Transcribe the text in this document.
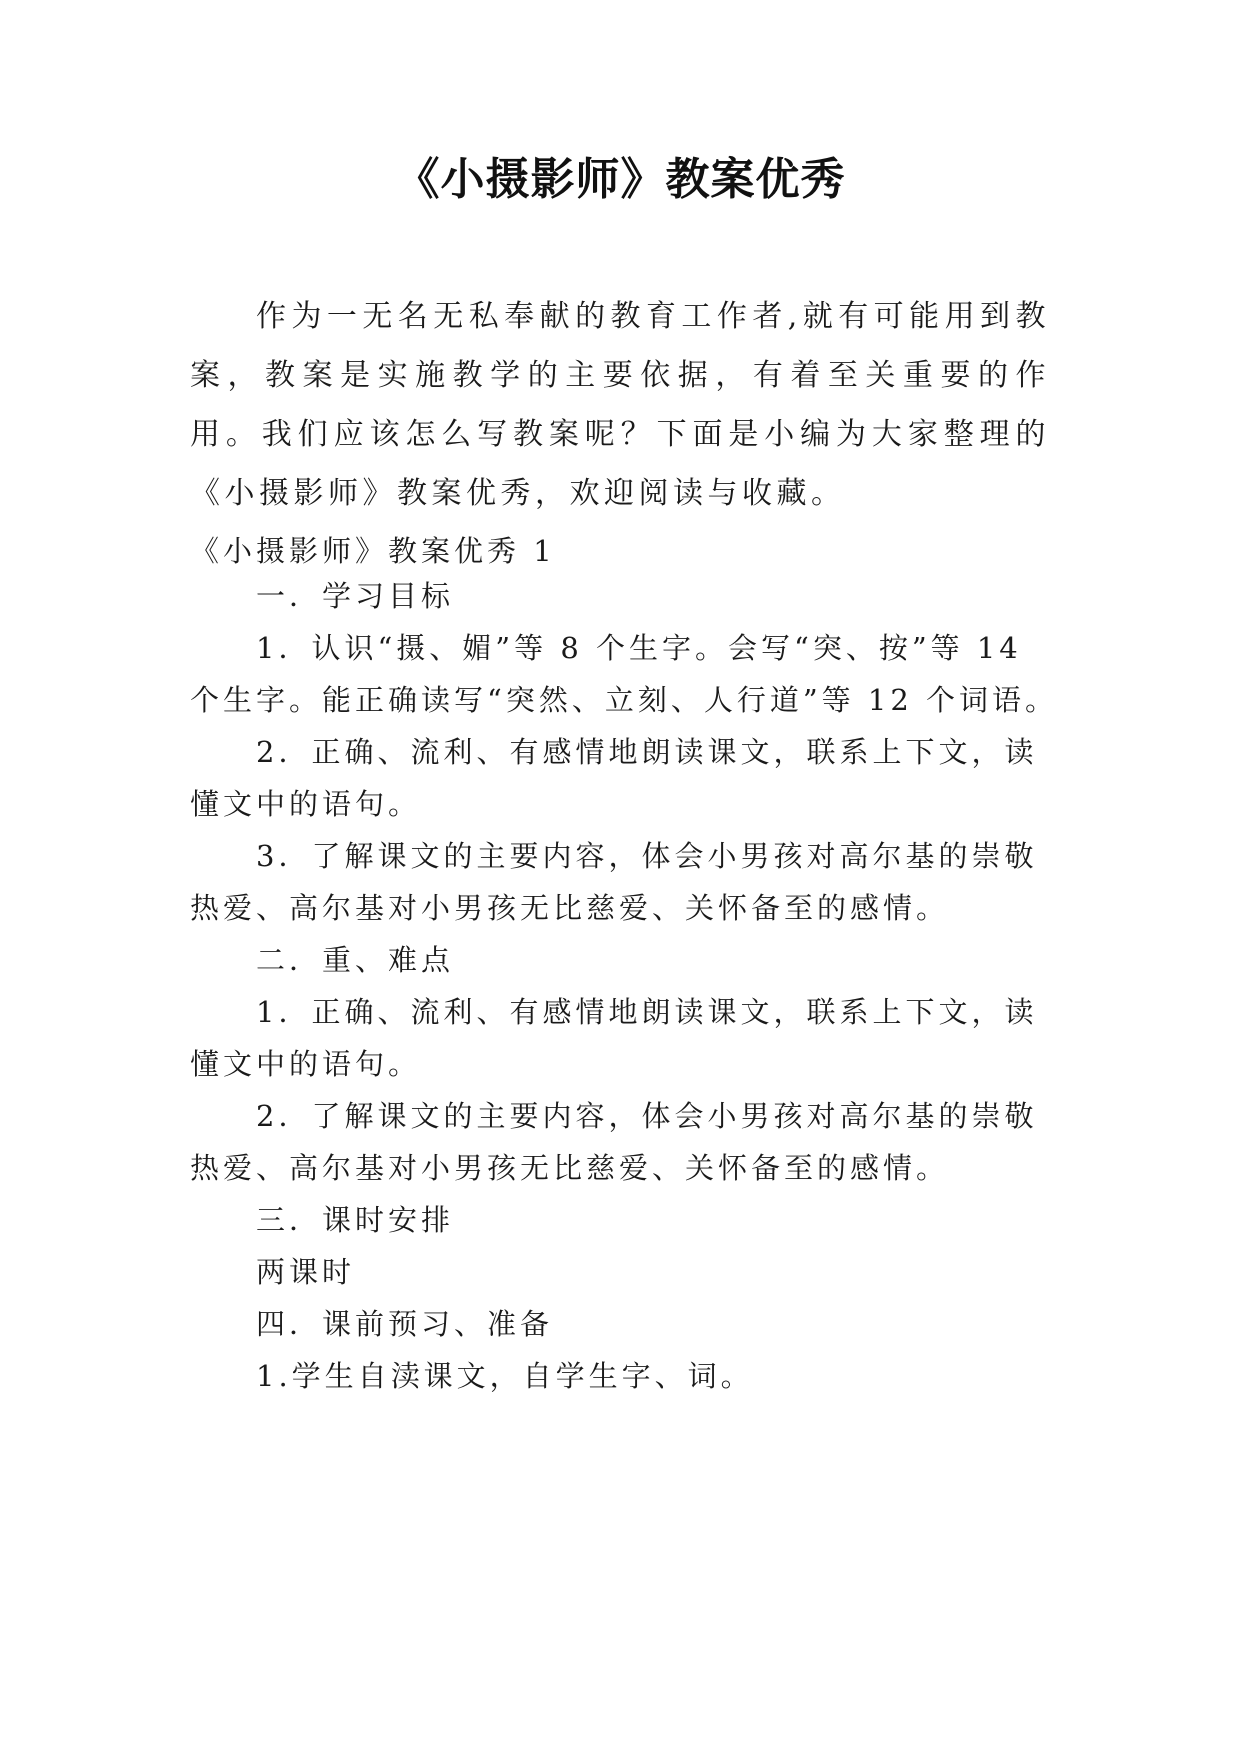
《小摄影师》教案优秀
作为一无名无私奉献的教育工作者,就有可能用到教案，教案是实施教学的主要依据，有着至关重要的作用。我们应该怎么写教案呢？下面是小编为大家整理的《小摄影师》教案优秀，欢迎阅读与收藏。
《小摄影师》教案优秀 1
一．学习目标
1．认识“摄、媚”等 8 个生字。会写“突、按”等 14
个生字。能正确读写“突然、立刻、人行道”等 12 个词语。
2．正确、流利、有感情地朗读课文，联系上下文，读
懂文中的语句。
3．了解课文的主要内容，体会小男孩对高尔基的崇敬
热爱、高尔基对小男孩无比慈爱、关怀备至的感情。
二．重、难点
1．正确、流利、有感情地朗读课文，联系上下文，读
懂文中的语句。
2．了解课文的主要内容，体会小男孩对高尔基的崇敬
热爱、高尔基对小男孩无比慈爱、关怀备至的感情。
三．课时安排
两课时
四．课前预习、准备
1.学生自渎课文，自学生字、词。
